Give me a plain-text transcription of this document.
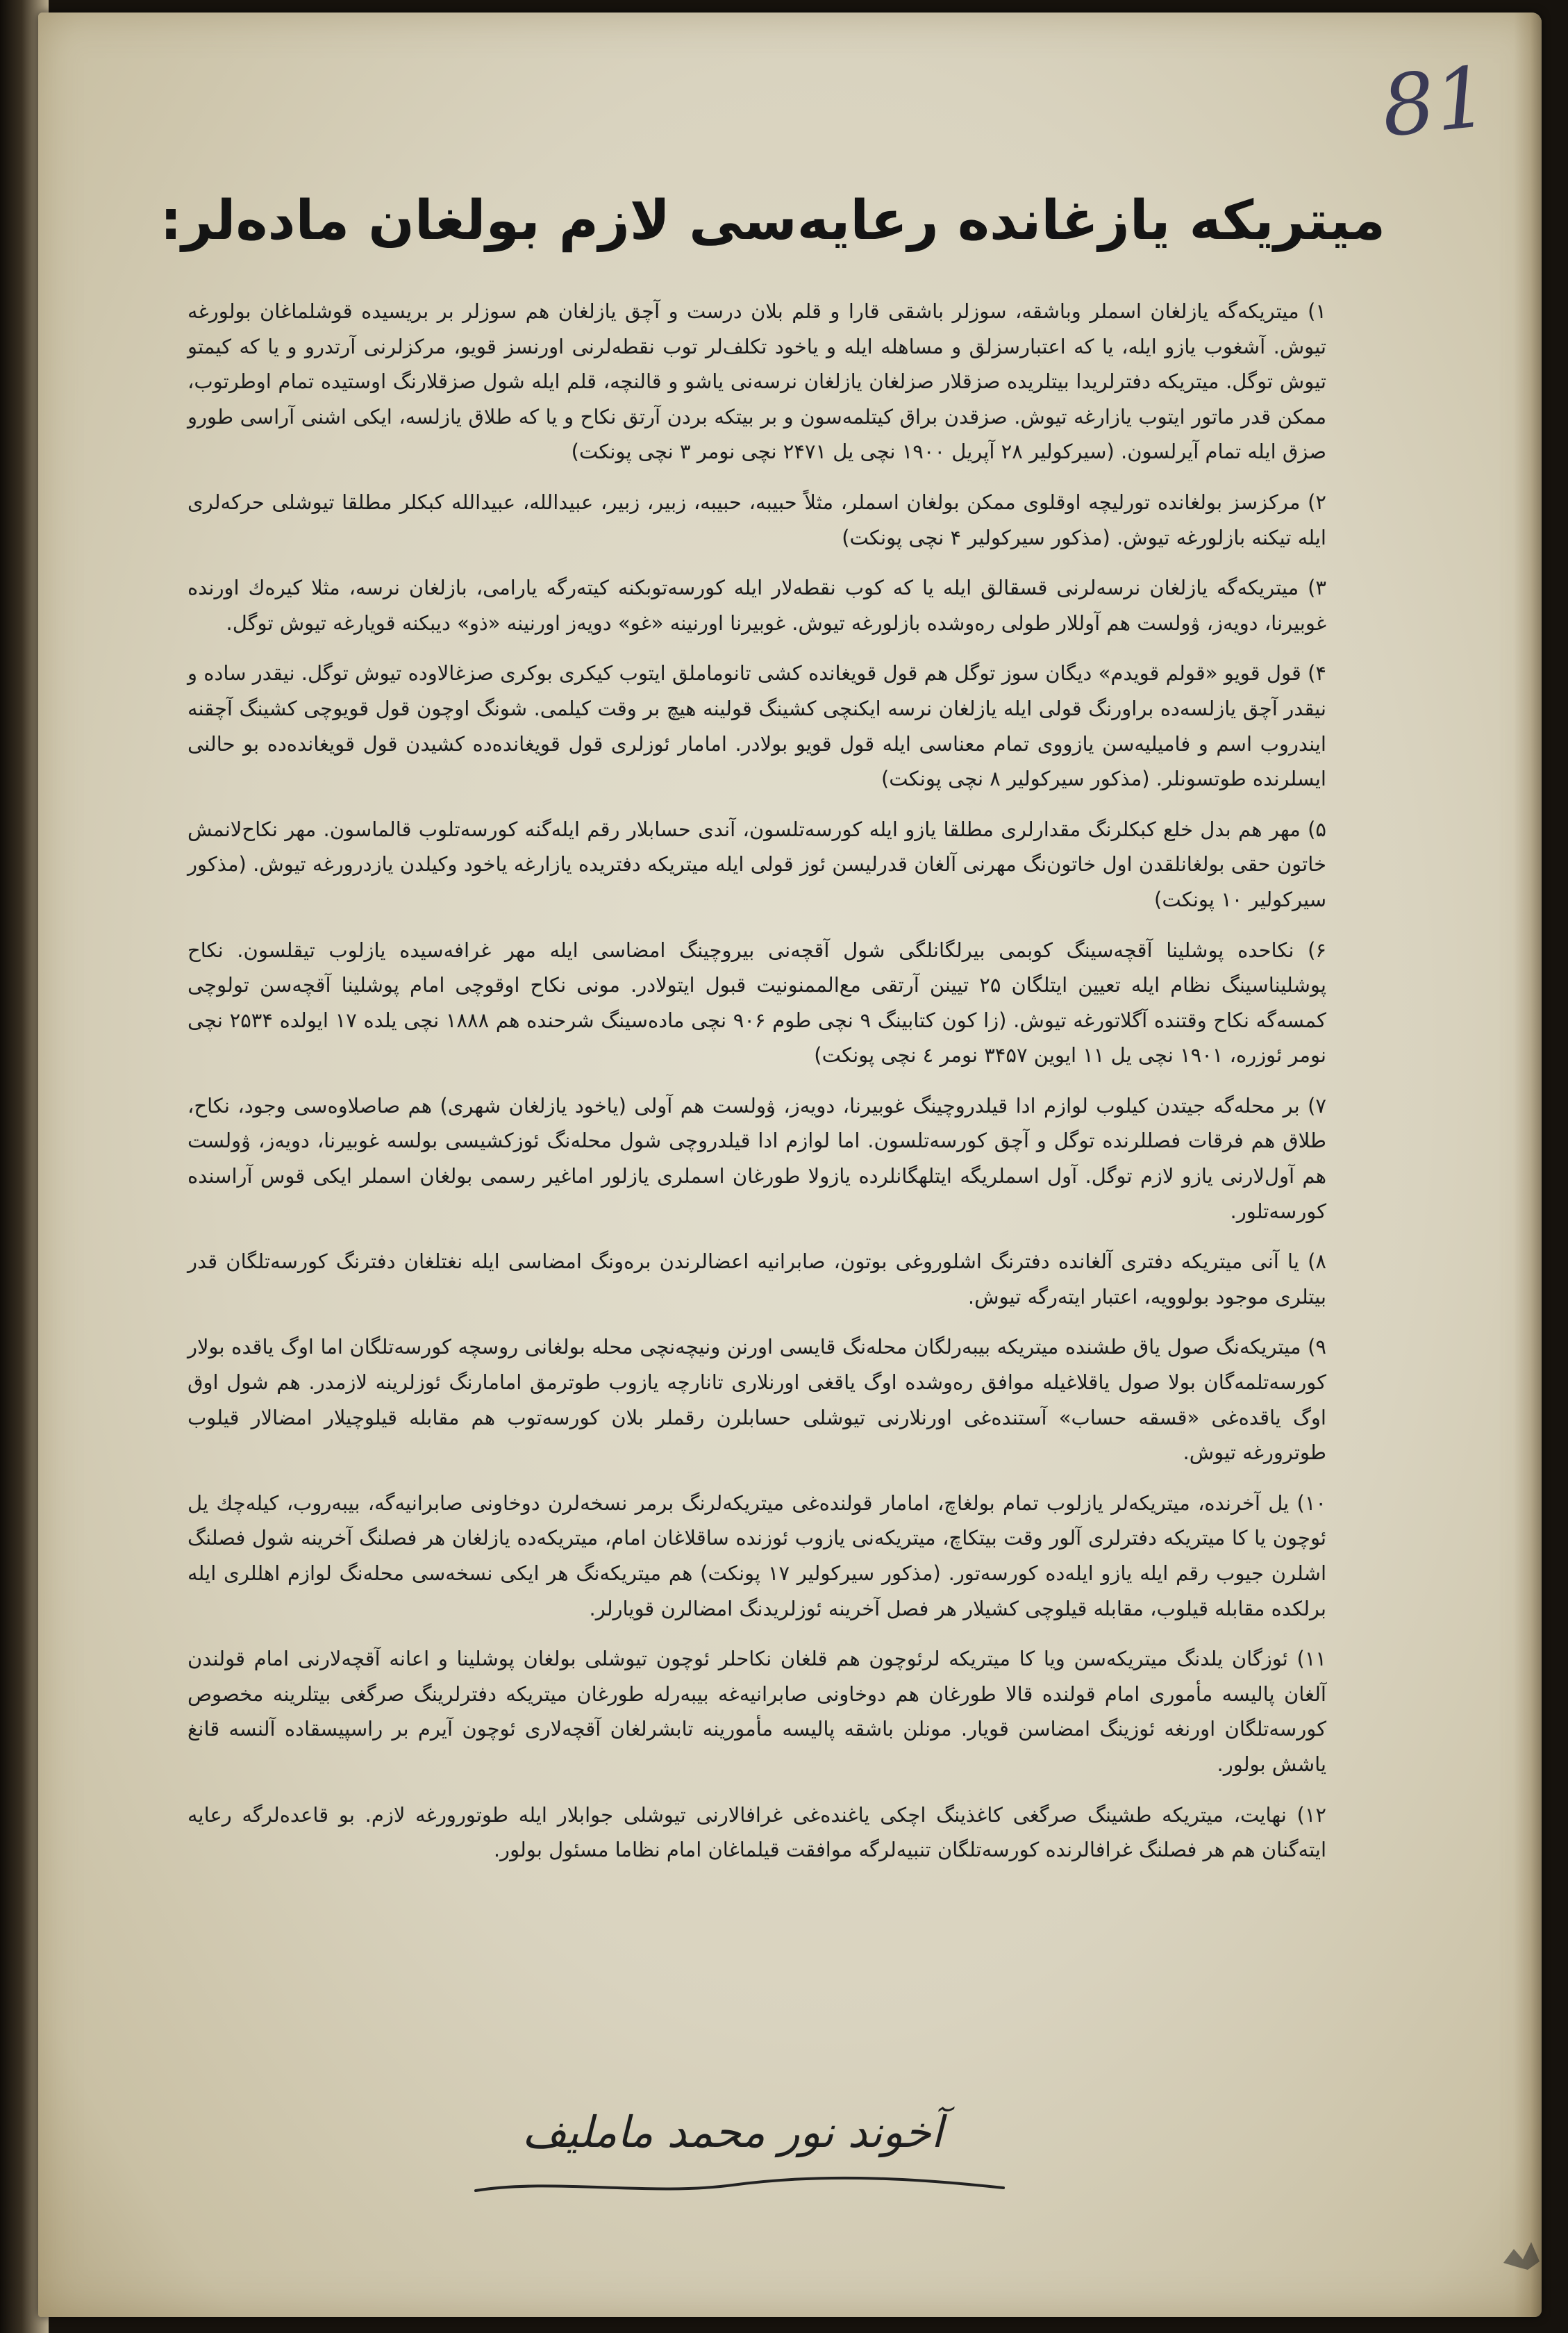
81
میتریکه یازغانده رعایه‌سی لازم بولغان ماده‌لر:

۱) میتریکه‌گه یازلغان اسملر وباشقه، سوزلر باشقی قارا و قلم بلان درست و آچق یازلغان هم سوزلر بر بریسیده قوشلماغان بولورغه تیوش. آشغوب یازو ایله، یا که اعتبارسزلق و مساهله ایله و یاخود تکلف‌لر توب نقطه‌لرنی اورنسز قویو، مرکزلرنی آرتدرو و یا که کیمتو تیوش توگل. میتریکه دفترلریدا بیتلریده صزقلار صزلغان یازلغان نرسه‌نی یاشو و قالنچه، قلم ایله شول صزقلارنگ اوستیده تمام اوطرتوب، ممکن قدر ماتور ایتوب یازارغه تیوش. صزقدن براق کیتلمه‌سون و بر بیتکه بردن آرتق نکاح و یا که طلاق یازلسه، ایکی اشنی آراسی طورو صزق ایله تمام آیرلسون. (سیرکولیر ۲۸ آپریل ۱۹۰۰ نچی یل ۲۴۷۱ نچی نومر ۳ نچی پونکت)

۲) مرکزسز بولغانده تورلیچه اوقلوی ممکن بولغان اسملر، مثلاً حبیبه، حبیبه، زبیر، زبیر، عبیدالله، عبیدالله کبکلر مطلقا تیوشلی حرکه‌لری ایله تیکنه بازلورغه تیوش. (مذکور سیرکولیر ۴ نچی پونکت)

۳) میتریکه‌گه یازلغان نرسه‌لرنی قسقالق ایله یا که کوب نقطه‌لار ایله کورسه‌توبکنه کیته‌رگه یارامی، بازلغان نرسه، مثلا کیره‌ك اورنده غوبیرنا، دویه‌ز، ۋولست هم آوللار طولی ره‌وشده بازلورغه تیوش. غوبیرنا اورنینه «غو» دویه‌ز اورنینه «ذو» دیبکنه قویارغه تیوش توگل.

۴) قول قویو «قولم قویدم» دیگان سوز توگل هم قول قویغانده کشی تانوماملق ایتوب کیکری بوکری صزغالاوده تیوش توگل. نیقدر ساده و نیقدر آچق یازلسه‌ده براورنگ قولی ایله یازلغان نرسه ایکنچی کشینگ قولینه هیچ بر وقت کیلمی. شونگ اوچون قول قویوچی کشینگ آچقنه ایندروب اسم و فامیلیه‌سن یازووی تمام معناسی ایله قول قویو بولادر. امامار ئوزلری قول قویغانده‌ده کشیدن قول قویغانده‌ده بو حالنی ایسلرنده طوتسونلر. (مذکور سیرکولیر ۸ نچی پونکت)

۵) مهر هم بدل خلع کبکلرنگ مقدارلری مطلقا یازو ایله کورسه‌تلسون، آندی حسابلار رقم ایله‌گنه کورسه‌تلوب قالماسون. مهر نکاح‌لانمش خاتون حقی بولغانلقدن اول خاتون‌نگ مهرنی آلغان قدرلیسن ئوز قولی ایله میتریکه دفتریده یازارغه یاخود وکیلدن یازدرورغه تیوش. (مذکور سیرکولیر ۱۰ پونکت)

۶) نکاحده پوشلینا آقچه‌سینگ کوبمی بیرلگانلگی شول آقچه‌نی بیروچینگ امضاسی ایله مهر غرافه‌سیده یازلوب تیقلسون. نکاح پوشلیناسینگ نظام ایله تعیین ایتلگان ۲۵ تیینن آرتقی مع‌الممنونیت قبول ایتولادر. مونی نکاح اوقوچی امام پوشلینا آقچه‌سن تولوچی کمسه‌گه نکاح وقتنده آگلاتورغه تیوش. (زا کون کتابینگ ۹ نچی طوم ۹۰۶ نچی ماده‌سینگ شرحنده هم ۱۸۸۸ نچی یلده ۱۷ ایولده ۲۵۳۴ نچی نومر ئوزره، ۱۹۰۱ نچی یل ۱۱ ایوین ۳۴۵۷ نومر ٤ نچی پونکت)

۷) بر محله‌گه جیتدن کیلوب لوازم ادا قیلدروچینگ غوبیرنا، دویه‌ز، ۋولست هم آولی (یاخود یازلغان شهری) هم صاصلاوه‌سی وجود، نکاح، طلاق هم فرقات فصللرنده توگل و آچق کورسه‌تلسون. اما لوازم ادا قیلدروچی شول محله‌نگ ئوزکشیسی بولسه غوبیرنا، دویه‌ز، ۋولست هم آول‌لارنی یازو لازم توگل. آول اسملریگه ایتلهگانلرده یازولا طورغان اسملری یازلور اماغیر رسمی بولغان اسملر ایکی قوس آراسنده کورسه‌تلور.

۸) یا آنی میتریکه دفتری آلغانده دفترنگ اشلوروغی بوتون، صابرانیه اعضالرندن بره‌ونگ امضاسی ایله نغتلغان دفترنگ کورسه‌تلگان قدر بیتلری موجود بولوویه، اعتبار ایته‌رگه تیوش.

۹) میتریکه‌نگ صول یاق طشنده میتریکه بیبه‌رلگان محله‌نگ قایسی اورنن ونیچه‌نچی محله بولغانی روسچه کورسه‌تلگان اما اوگ یاقده بولار کورسه‌تلمه‌گان بولا صول یاقلاغیله موافق ره‌وشده اوگ یاقغی اورنلاری تانارچه یازوب طوترمق امامارنگ ئوزلرینه لازمدر. هم شول اوق اوگ یاقده‌غی «قسقه حساب» آستنده‌غی اورنلارنی تیوشلی حسابلرن رقملر بلان کورسه‌توب هم مقابله قیلوچیلار امضالار قیلوب طوترورغه تیوش.

۱۰) یل آخرنده، میتریکه‌لر یازلوب تمام بولغاچ، امامار قولنده‌غی میتریکه‌لرنگ برمر نسخه‌لرن دوخاونی صابرانیه‌گه، بیبه‌روب، کیله‌چك یل ئوچون یا کا میتریکه دفترلری آلور وقت بیتکاچ، میتریکه‌نی یازوب ئوزنده ساقلاغان امام، میتریکه‌ده یازلغان هر فصلنگ آخرینه شول فصلنگ اشلرن جیوب رقم ایله یازو ایله‌ده کورسه‌تور. (مذکور سیرکولیر ۱۷ پونکت) هم میتریکه‌نگ هر ایکی نسخه‌سی محله‌نگ لوازم اهللری ایله برلکده مقابله قیلوب، مقابله قیلوچی کشیلار هر فصل آخرینه ئوزلریدنگ امضالرن قویارلر.

۱۱) ئوزگان یلدنگ میتریکه‌سن ویا کا میتریکه لرئوچون هم قلغان نکاحلر ئوچون تیوشلی بولغان پوشلینا و اعانه آقچه‌لارنی امام قولندن آلغان پالیسه مأموری امام قولنده قالا طورغان هم دوخاونی صابرانیه‌غه بیبه‌رله طورغان میتریکه دفترلرینگ صرگغی بیتلرینه مخصوص کورسه‌تلگان اورنغه ئوزینگ امضاسن قویار. مونلن باشقه پالیسه مأمورینه تابشرلغان آقچه‌لاری ئوچون آیرم بر راسپیسقاده آلنسه قانغ یاشش بولور.

۱۲) نهایت، میتریکه طشینگ صرگغی کاغذینگ اچکی یاغنده‌غی غرافالارنی تیوشلی جوابلار ایله طوتورورغه لازم. بو قاعده‌لرگه رعایه ایته‌گنان هم هر فصلنگ غرافالرنده کورسه‌تلگان تنبیه‌لرگه موافقت قیلماغان امام نظاما مسئول بولور.

آخوند نور محمد مامليف
